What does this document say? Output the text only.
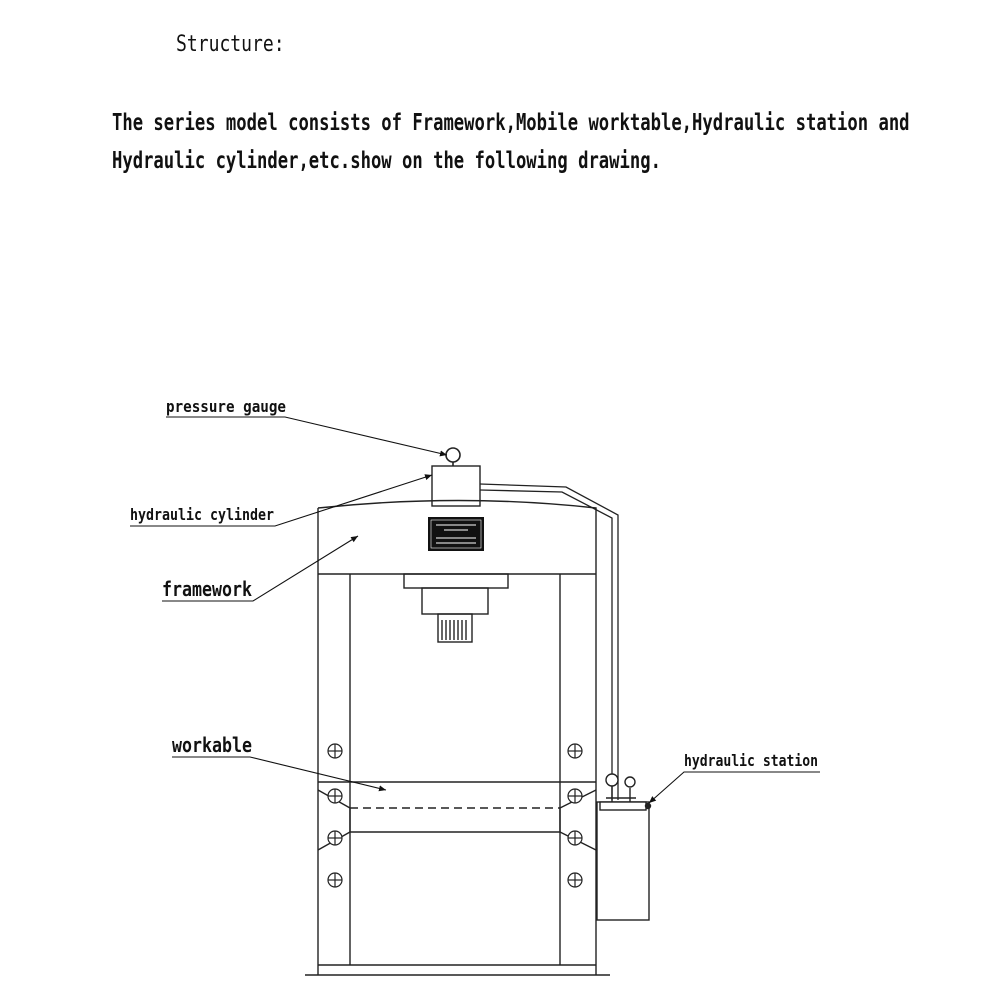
Structure:
The series model consists of Framework,Mobile worktable,Hydraulic station and
Hydraulic cylinder,etc.show on the following drawing.
pressure gauge
hydraulic cylinder
framework
workable
hydraulic station
